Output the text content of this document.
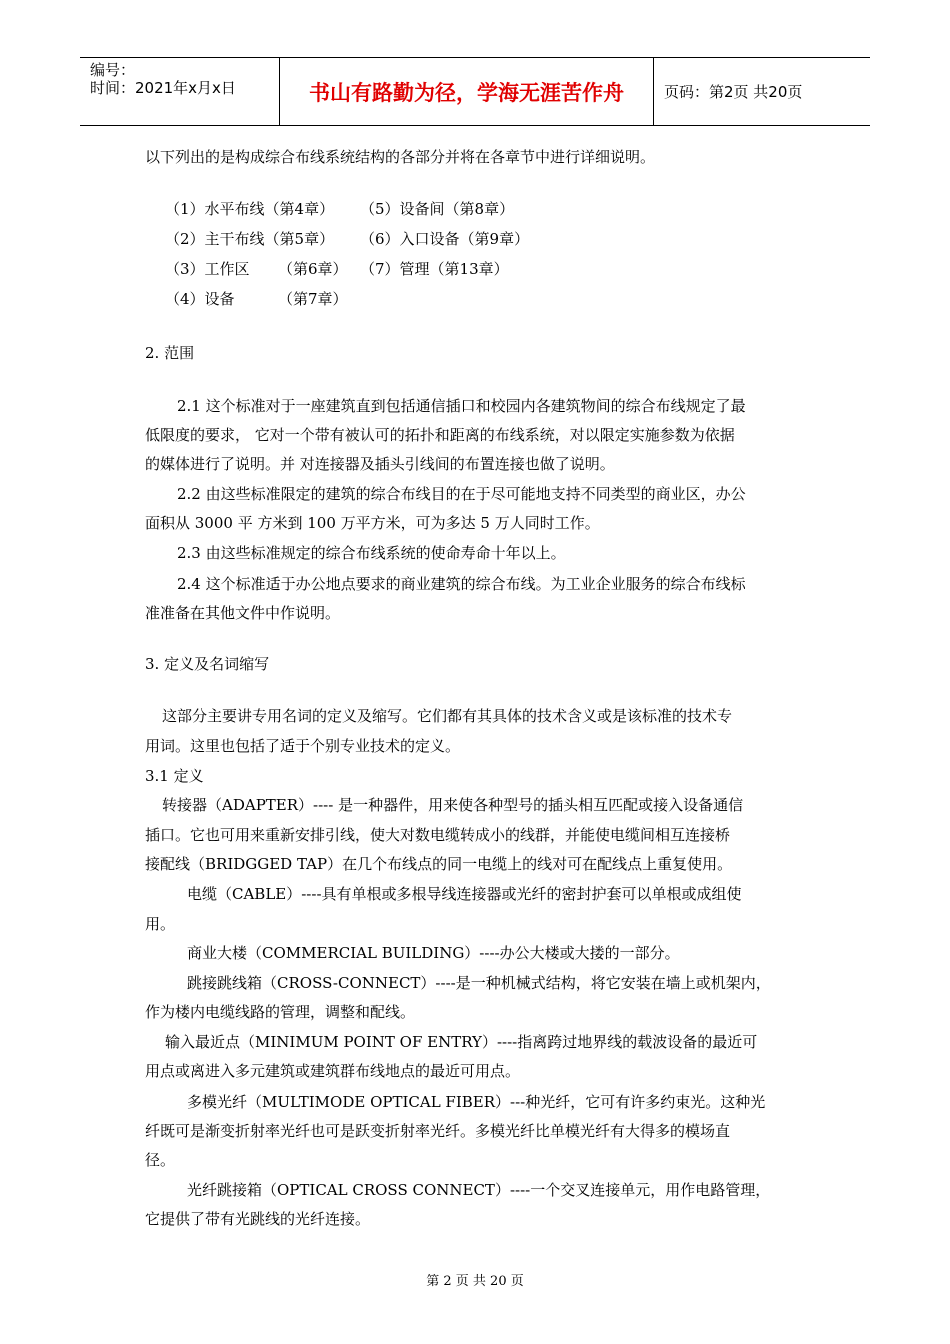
编号：
时间：2021年x月x日	书山有路勤为径，学海无涯苦作舟	页码：第2页 共20页
以下列出的是构成综合布线系统结构的各部分并将在各章节中进行详细说明。
（1）水平布线（第4章） （5）设备间（第8章）
（2）主干布线（第5章） （6）入口设备（第9章）
（3）工作区 （第6章） （7）管理（第13章）
（4）设备	（第7章）
2. 范围
2.1 这个标准对于一座建筑直到包括通信插口和校园内各建筑物间的综合布线规定了最
低限度的要求， 它对一个带有被认可的拓扑和距离的布线系统，对以限定实施参数为依据
的媒体进行了说明。并 对连接器及插头引线间的布置连接也做了说明。
2.2 由这些标准限定的建筑的综合布线目的在于尽可能地支持不同类型的商业区，办公
面积从 3000 平 方米到 100 万平方米，可为多达 5 万人同时工作。
2.3 由这些标准规定的综合布线系统的使命寿命十年以上。
2.4 这个标准适于办公地点要求的商业建筑的综合布线。为工业企业服务的综合布线标
准准备在其他文件中作说明。
3. 定义及名词缩写
这部分主要讲专用名词的定义及缩写。它们都有其具体的技术含义或是该标准的技术专
用词。这里也包括了适于个别专业技术的定义。
3.1 定义
转接器（ADAPTER）---- 是一种器件，用来使各种型号的插头相互匹配或接入设备通信
插口。它也可用来重新安排引线，使大对数电缆转成小的线群，并能使电缆间相互连接桥
接配线（BRIDGGED TAP）在几个布线点的同一电缆上的线对可在配线点上重复使用。
电缆（CABLE）----具有单根或多根导线连接器或光纤的密封护套可以单根或成组使
用。
商业大楼（COMMERCIAL BUILDING）----办公大楼或大搂的一部分。
跳接跳线箱（CROSS-CONNECT）----是一种机械式结构，将它安装在墙上或机架内，
作为楼内电缆线路的管理，调整和配线。
输入最近点（MINIMUM POINT OF ENTRY）----指离跨过地界线的载波设备的最近可
用点或离进入多元建筑或建筑群布线地点的最近可用点。
多模光纤（MULTIMODE OPTICAL FIBER）---种光纤，它可有许多约束光。这种光
纤既可是渐变折射率光纤也可是跃变折射率光纤。多模光纤比单模光纤有大得多的模场直
径。
光纤跳接箱（OPTICAL CROSS CONNECT）----一个交叉连接单元，用作电路管理，
它提供了带有光跳线的光纤连接。
第 2 页 共 20 页
